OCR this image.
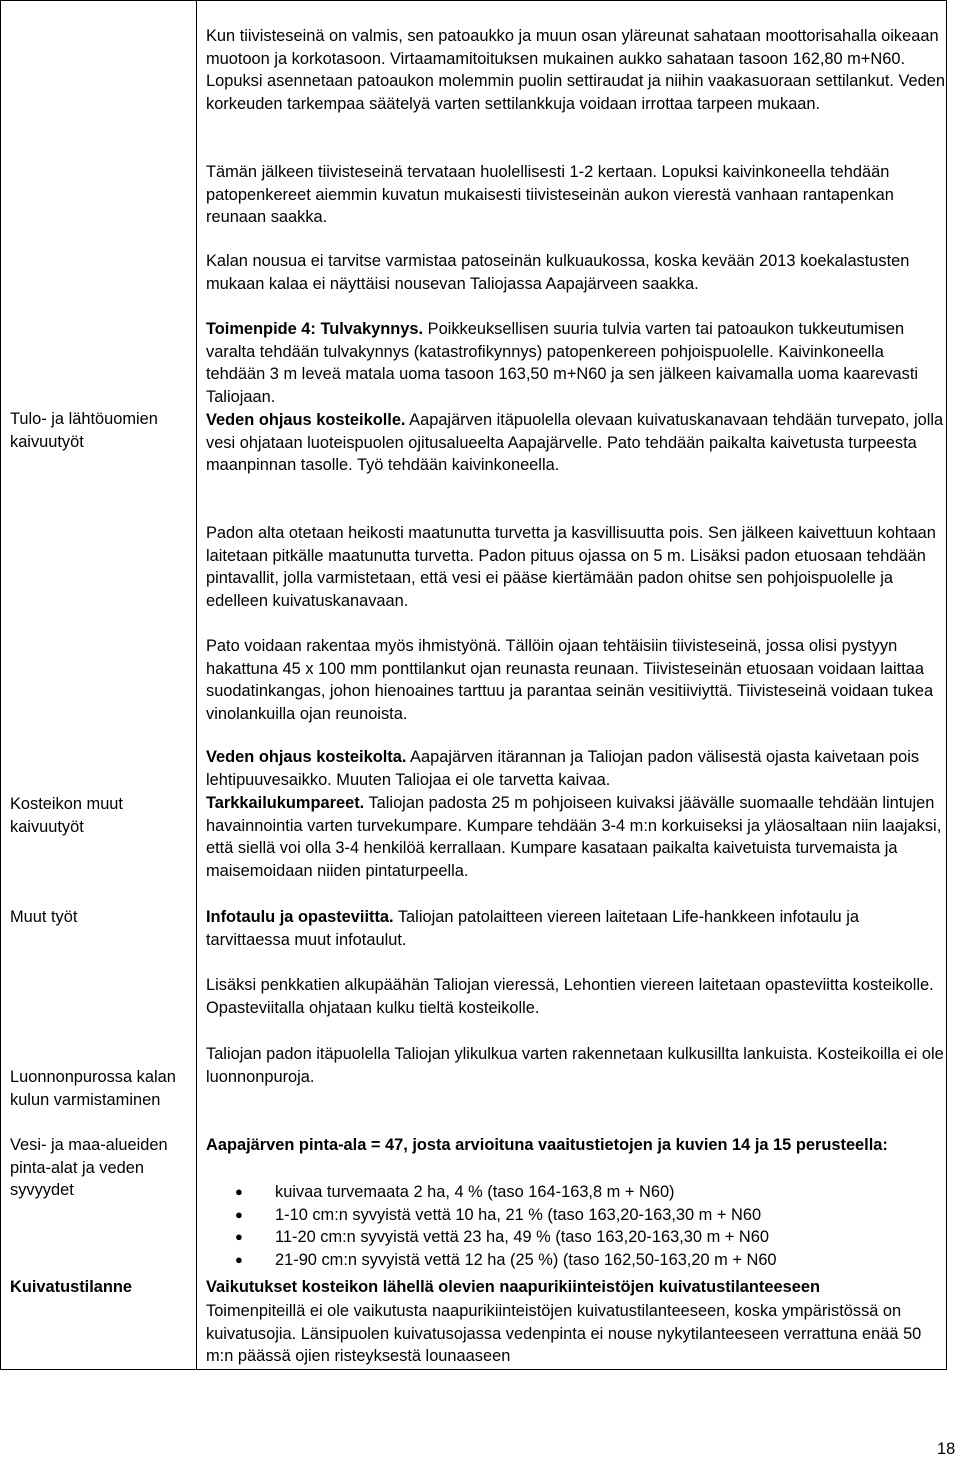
Tulo- ja lähtöuomien kaivuutyöt

Kosteikon muut kaivuutyöt

Muut työt

Luonnonpurossa kalan kulun varmistaminen

Vesi- ja maa-alueiden pinta-alat ja veden syvyydet

Kuivatustilanne

Kun tiivisteseinä on valmis, sen patoaukko ja muun osan yläreunat sahataan moottorisahalla oikeaan muotoon ja korkotasoon. Virtaamamitoituksen mukainen aukko sahataan tasoon 162,80 m+N60. Lopuksi asennetaan patoaukon molemmin puolin settiraudat ja niihin vaakasuoraan settilankut. Veden korkeuden tarkempaa säätelyä varten settilankkuja voidaan irrottaa tarpeen mukaan.

Tämän jälkeen tiivisteseinä tervataan huolellisesti 1-2 kertaan. Lopuksi kaivinkoneella tehdään patopenkereet aiemmin kuvatun mukaisesti tiivisteseinän aukon vierestä vanhaan rantapenkan reunaan saakka.

Kalan nousua ei tarvitse varmistaa patoseinän kulkuaukossa, koska kevään 2013 koekalastusten mukaan kalaa ei näyttäisi nousevan Taliojassa Aapajärveen saakka.

Toimenpide 4: Tulvakynnys. Poikkeuksellisen suuria tulvia varten tai patoaukon tukkeutumisen varalta tehdään tulvakynnys (katastrofikynnys) patopenkereen pohjoispuolelle. Kaivinkoneella tehdään 3 m leveä matala uoma tasoon 163,50 m+N60 ja sen jälkeen kaivamalla uoma kaarevasti Taliojaan.

Veden ohjaus kosteikolle. Aapajärven itäpuolella olevaan kuivatuskanavaan tehdään turvepato, jolla vesi ohjataan luoteispuolen ojitusalueelta Aapajärvelle. Pato tehdään paikalta kaivetusta turpeesta maanpinnan tasolle. Työ tehdään kaivinkoneella.

Padon alta otetaan heikosti maatunutta turvetta ja kasvillisuutta pois. Sen jälkeen kaivettuun kohtaan laitetaan pitkälle maatunutta turvetta. Padon pituus ojassa on 5 m. Lisäksi padon etuosaan tehdään pintavallit, jolla varmistetaan, että vesi ei pääse kiertämään padon ohitse sen pohjoispuolelle ja edelleen kuivatuskanavaan.

Pato voidaan rakentaa myös ihmistyönä. Tällöin ojaan tehtäisiin tiivisteseinä, jossa olisi pystyyn hakattuna 45 x 100 mm ponttilankut ojan reunasta reunaan. Tiivisteseinän etuosaan voidaan laittaa suodatinkangas, johon hienoaines tarttuu ja parantaa seinän vesitiiviyttä. Tiivisteseinä voidaan tukea vinolankuilla ojan reunoista.

Veden ohjaus kosteikolta. Aapajärven itärannan ja Taliojan padon välisestä ojasta kaivetaan pois lehtipuuvesaikko. Muuten Taliojaa ei ole tarvetta kaivaa.

Tarkkailukumpareet. Taliojan padosta 25 m pohjoiseen kuivaksi jäävälle suomaalle tehdään lintujen havainnointia varten turvekumpare. Kumpare tehdään 3-4 m:n korkuiseksi ja yläosaltaan niin laajaksi, että siellä voi olla 3-4 henkilöä kerrallaan. Kumpare kasataan paikalta kaivetuista turvemaista ja maisemoidaan niiden pintaturpeella.

Infotaulu ja opasteviitta. Taliojan patolaitteen viereen laitetaan Life-hankkeen infotaulu ja tarvittaessa muut infotaulut.

Lisäksi penkkatien alkupäähän Taliojan vieressä, Lehontien viereen laitetaan opasteviitta kosteikolle. Opasteviitalla ohjataan kulku tieltä kosteikolle.

Taliojan padon itäpuolella Taliojan ylikulkua varten rakennetaan kulkusillta lankuista. Kosteikoilla ei ole luonnonpuroja.

Aapajärven pinta-ala = 47, josta arvioituna vaaitustietojen ja kuvien 14 ja 15 perusteella:

● kuivaa turvemaata 2 ha, 4 % (taso 164-163,8 m + N60)
● 1-10 cm:n syvyistä vettä 10 ha, 21 % (taso 163,20-163,30 m + N60
● 11-20 cm:n syvyistä vettä 23 ha, 49 % (taso 163,20-163,30 m + N60
● 21-90 cm:n syvyistä vettä 12 ha (25 %) (taso 162,50-163,20 m + N60

Vaikutukset kosteikon lähellä olevien naapurikiinteistöjen kuivatustilanteeseen

Toimenpiteillä ei ole vaikutusta naapurikiinteistöjen kuivatustilanteeseen, koska ympäristössä on kuivatusojia. Länsipuolen kuivatusojassa vedenpinta ei nouse nykytilanteeseen verrattuna enää 50 m:n päässä ojien risteyksestä lounaaseen

18
